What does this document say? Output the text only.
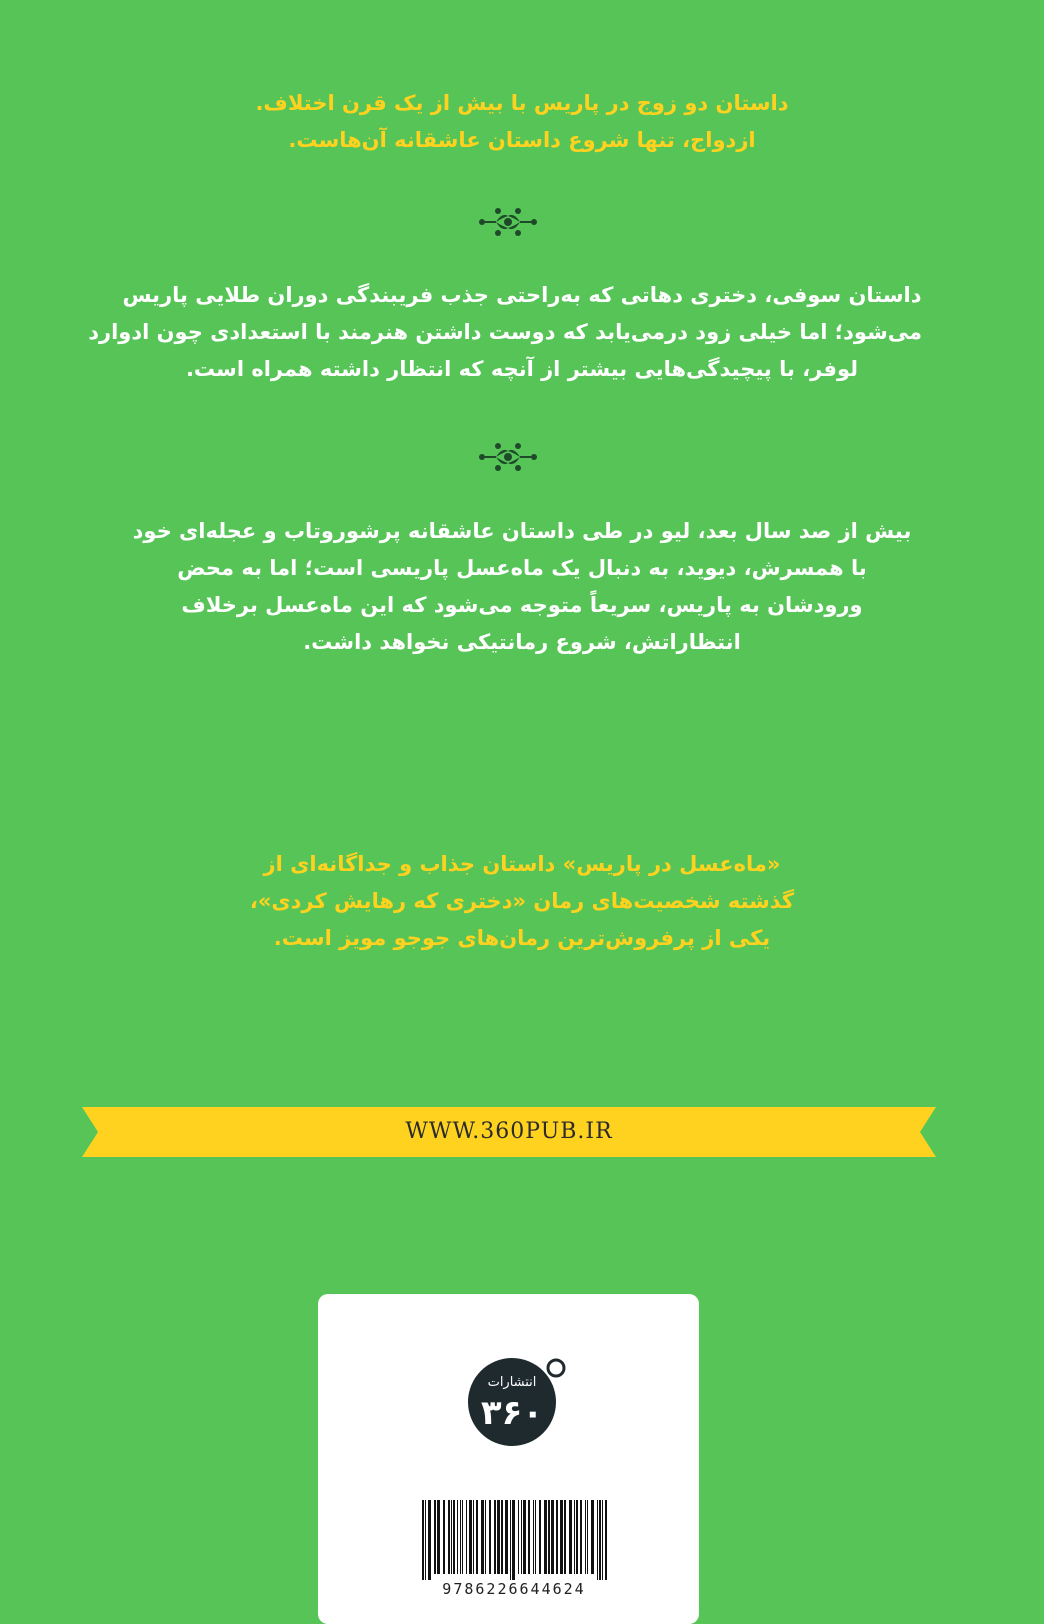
داستان دو زوج در پاریس با بیش از یک قرن اختلاف.
ازدواج، تنها شروع داستان عاشقانه آن‌هاست.
داستان سوفی، دختری دهاتی که به‌راحتی جذب فریبندگی دوران طلایی پاریس
می‌شود؛ اما خیلی زود درمی‌یابد که دوست داشتن هنرمند با استعدادی چون ادوارد
لوفر، با پیچیدگی‌هایی بیشتر از آنچه که انتظار داشته همراه است.
بیش از صد سال بعد، لیو در طی داستان عاشقانه پرشوروتاب و عجله‌ای خود
با همسرش، دیوید، به دنبال یک ماه‌عسل پاریسی است؛ اما به محض
ورودشان به پاریس، سریعاً متوجه می‌شود که این ماه‌عسل برخلاف
انتظاراتش، شروع رمانتیکی نخواهد داشت.
«ماه‌عسل در پاریس» داستان جذاب و جداگانه‌ای از
گذشته شخصیت‌های رمان «دختری که رهایش کردی»،
یکی از پرفروش‌ترین رمان‌های جوجو مویز است.
WWW.360PUB.IR
۳۶۰
انتشارات
9786226644624
